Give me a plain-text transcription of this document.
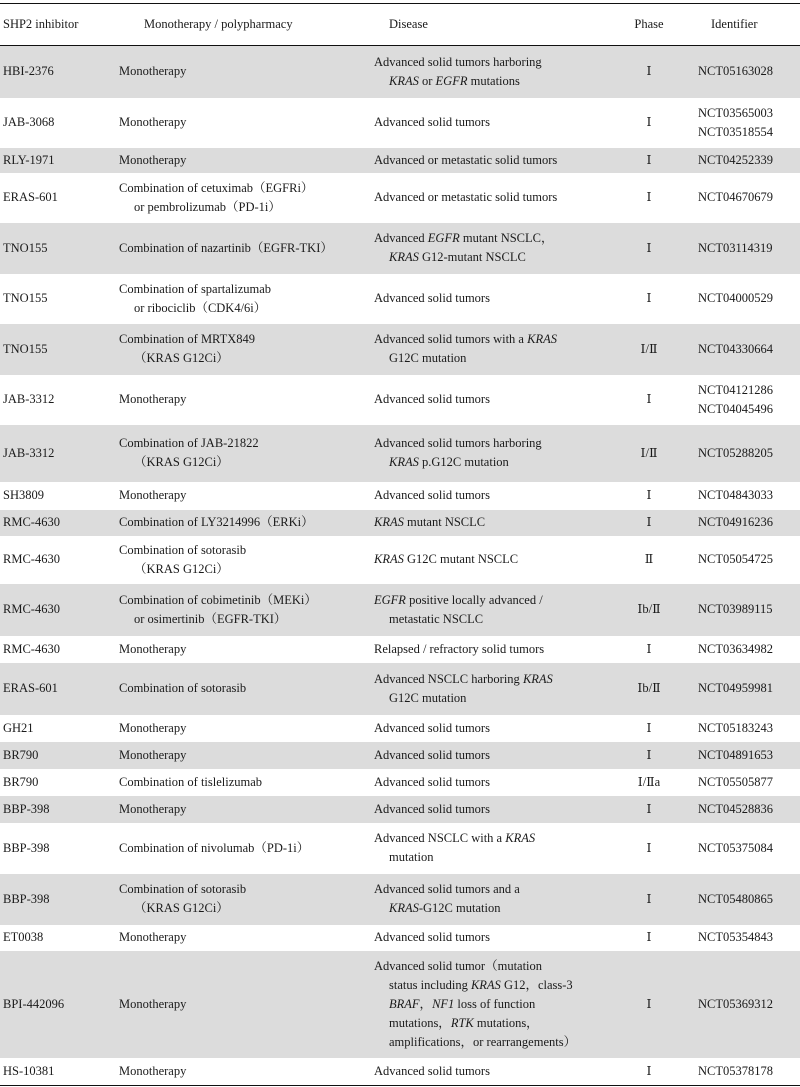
SHP2 inhibitor	Monotherapy / polypharmacy	Disease	Phase	Identifier
HBI-2376	Monotherapy	Advanced solid tumors harboring
KRAS or EGFR mutations	Ⅰ	NCT05163028

JAB-3068	Monotherapy	Advanced solid tumors	Ⅰ	NCT03565003
NCT03518554

RLY-1971	Monotherapy	Advanced or metastatic solid tumors	Ⅰ	NCT04252339

ERAS-601	Combination of cetuximab（EGFRi）
or pembrolizumab（PD-1i）	Advanced or metastatic solid tumors	Ⅰ	NCT04670679

TNO155	Combination of nazartinib（EGFR-TKI）	Advanced EGFR mutant NSCLC，
KRAS G12-mutant NSCLC	Ⅰ	NCT03114319

TNO155	Combination of spartalizumab
or ribociclib（CDK4/6i）	Advanced solid tumors	Ⅰ	NCT04000529

TNO155	Combination of MRTX849
（KRAS G12Ci）	Advanced solid tumors with a KRAS
G12C mutation	Ⅰ/Ⅱ	NCT04330664

JAB-3312	Monotherapy	Advanced solid tumors	Ⅰ	NCT04121286
NCT04045496

JAB-3312	Combination of JAB-21822
（KRAS G12Ci）	Advanced solid tumors harboring
KRAS p.G12C mutation	Ⅰ/Ⅱ	NCT05288205

SH3809	Monotherapy	Advanced solid tumors	Ⅰ	NCT04843033

RMC-4630	Combination of LY3214996（ERKi）	KRAS mutant NSCLC	Ⅰ	NCT04916236

RMC-4630	Combination of sotorasib
（KRAS G12Ci）	KRAS G12C mutant NSCLC	Ⅱ	NCT05054725

RMC-4630	Combination of cobimetinib（MEKi）
or osimertinib（EGFR-TKI）	EGFR positive locally advanced /
metastatic NSCLC	Ⅰb/Ⅱ	NCT03989115

RMC-4630	Monotherapy	Relapsed / refractory solid tumors	Ⅰ	NCT03634982

ERAS-601	Combination of sotorasib	Advanced NSCLC harboring KRAS
G12C mutation	Ⅰb/Ⅱ	NCT04959981

GH21	Monotherapy	Advanced solid tumors	Ⅰ	NCT05183243

BR790	Monotherapy	Advanced solid tumors	Ⅰ	NCT04891653

BR790	Combination of tislelizumab	Advanced solid tumors	Ⅰ/Ⅱa	NCT05505877

BBP-398	Monotherapy	Advanced solid tumors	Ⅰ	NCT04528836

BBP-398	Combination of nivolumab（PD-1i）	Advanced NSCLC with a KRAS
mutation	Ⅰ	NCT05375084

BBP-398	Combination of sotorasib
（KRAS G12Ci）	Advanced solid tumors and a
KRAS-G12C mutation	Ⅰ	NCT05480865

ET0038	Monotherapy	Advanced solid tumors	Ⅰ	NCT05354843

BPI-442096	Monotherapy	Advanced solid tumor（mutation
status including KRAS G12，class-3
BRAF，NF1 loss of function
mutations，RTK mutations，
amplifications，or rearrangements）	Ⅰ	NCT05369312

HS-10381	Monotherapy	Advanced solid tumors	Ⅰ	NCT05378178
